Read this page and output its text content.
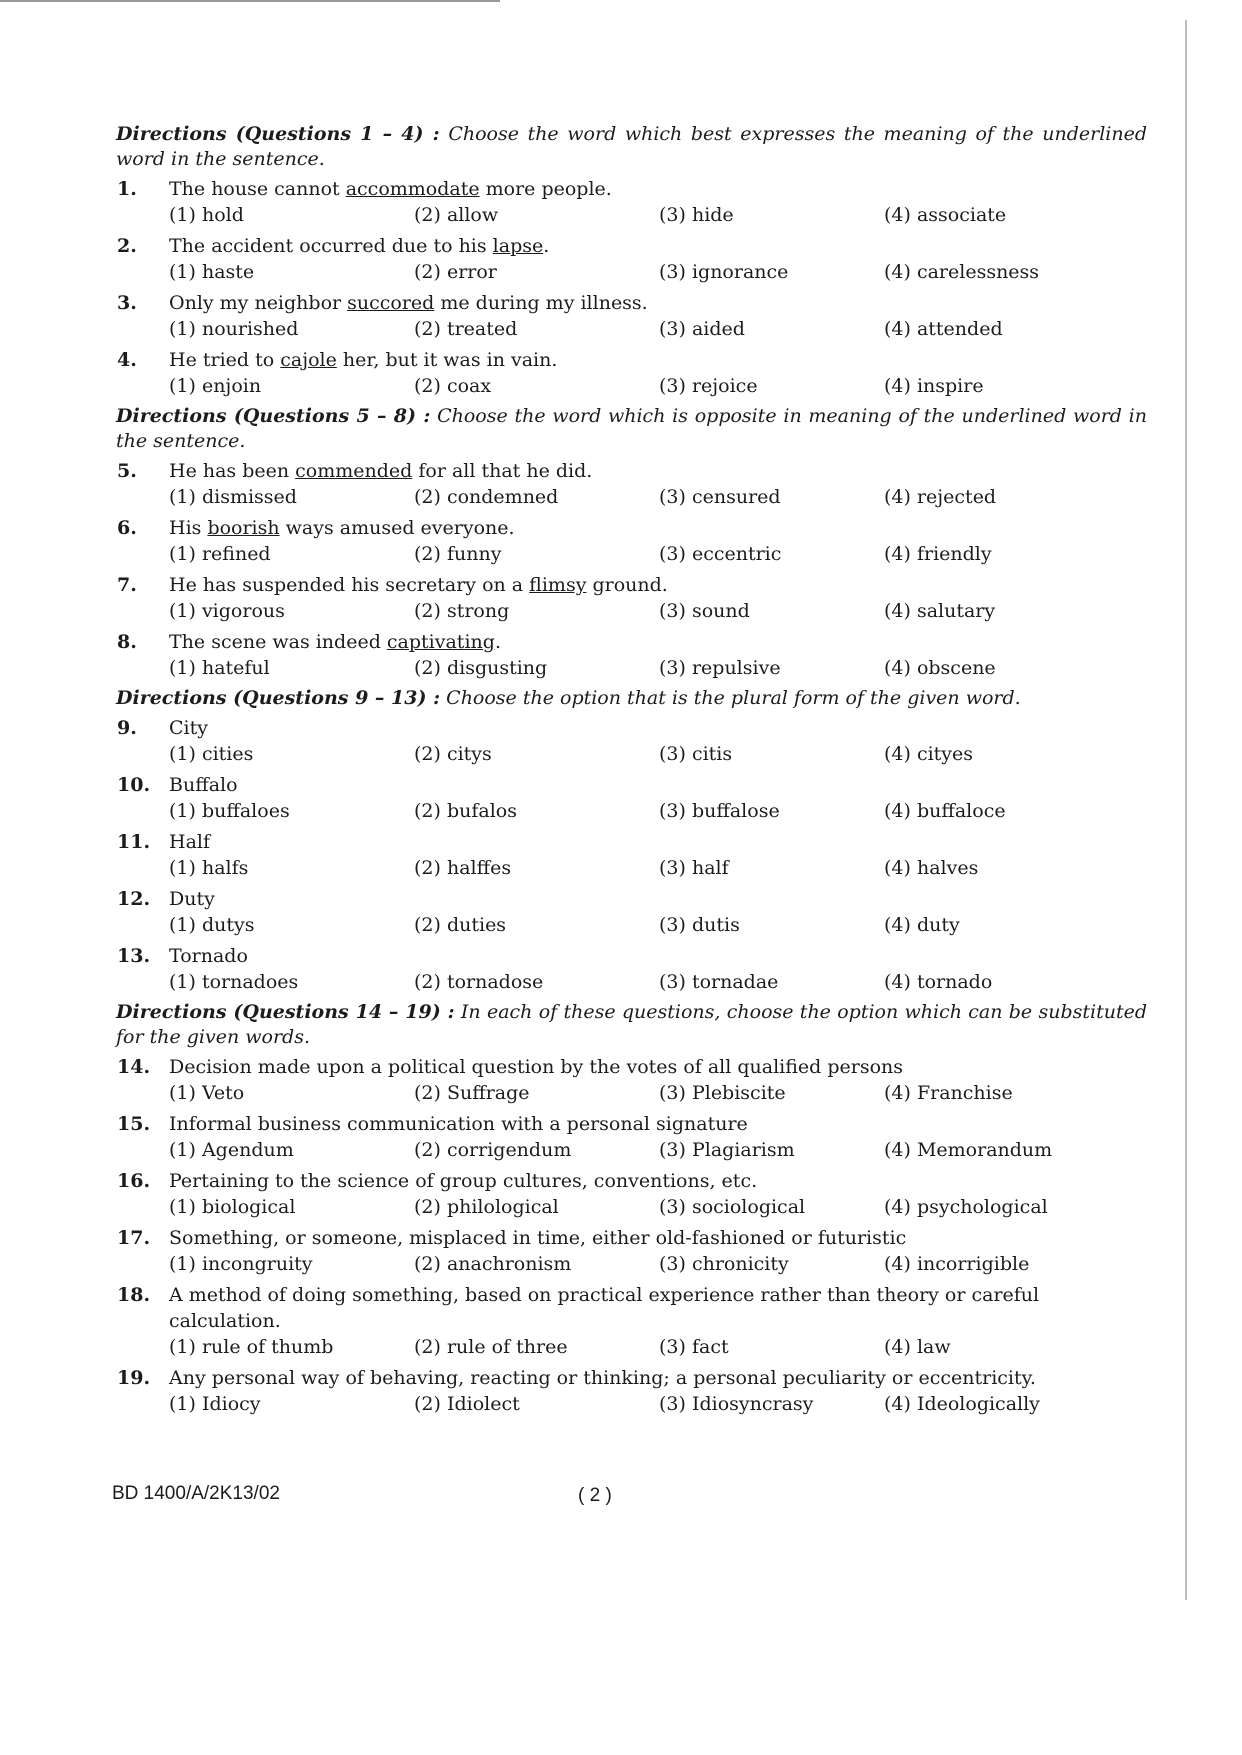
Directions (Questions 1 – 4) : Choose the word which best expresses the meaning of the underlined word in the sentence.
1. The house cannot accommodate more people.
(1) hold	(2) allow	(3) hide	(4) associate
2. The accident occurred due to his lapse.
(1) haste	(2) error	(3) ignorance	(4) carelessness
3. Only my neighbor succored me during my illness.
(1) nourished	(2) treated	(3) aided	(4) attended
4. He tried to cajole her, but it was in vain.
(1) enjoin	(2) coax	(3) rejoice	(4) inspire
Directions (Questions 5 – 8) : Choose the word which is opposite in meaning of the underlined word in the sentence.
5. He has been commended for all that he did.
(1) dismissed	(2) condemned	(3) censured	(4) rejected
6. His boorish ways amused everyone.
(1) refined	(2) funny	(3) eccentric	(4) friendly
7. He has suspended his secretary on a flimsy ground.
(1) vigorous	(2) strong	(3) sound	(4) salutary
8. The scene was indeed captivating.
(1) hateful	(2) disgusting	(3) repulsive	(4) obscene
Directions (Questions 9 – 13) : Choose the option that is the plural form of the given word.
9. City
(1) cities	(2) citys	(3) citis	(4) cityes
10. Buffalo
(1) buffaloes	(2) bufalos	(3) buffalose	(4) buffaloce
11. Half
(1) halfs	(2) halffes	(3) half	(4) halves
12. Duty
(1) dutys	(2) duties	(3) dutis	(4) duty
13. Tornado
(1) tornadoes	(2) tornadose	(3) tornadae	(4) tornado
Directions (Questions 14 – 19) : In each of these questions, choose the option which can be substituted for the given words.
14. Decision made upon a political question by the votes of all qualified persons
(1) Veto	(2) Suffrage	(3) Plebiscite	(4) Franchise
15. Informal business communication with a personal signature
(1) Agendum	(2) corrigendum	(3) Plagiarism	(4) Memorandum
16. Pertaining to the science of group cultures, conventions, etc.
(1) biological	(2) philological	(3) sociological	(4) psychological
17. Something, or someone, misplaced in time, either old-fashioned or futuristic
(1) incongruity	(2) anachronism	(3) chronicity	(4) incorrigible
18. A method of doing something, based on practical experience rather than theory or careful calculation.
(1) rule of thumb	(2) rule of three	(3) fact	(4) law
19. Any personal way of behaving, reacting or thinking; a personal peculiarity or eccentricity.
(1) Idiocy	(2) Idiolect	(3) Idiosyncrasy	(4) Ideologically
BD 1400/A/2K13/02	( 2 )
